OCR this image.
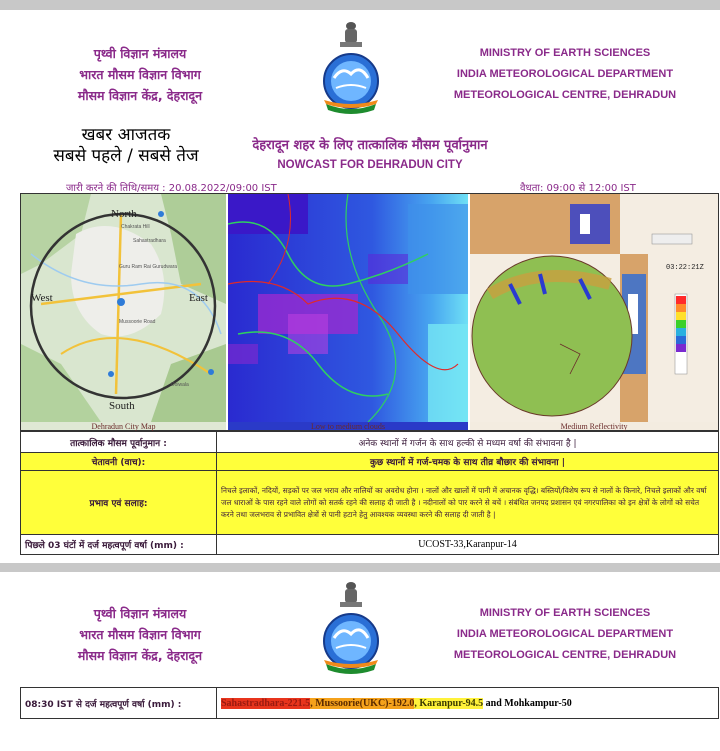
पृथ्वी विज्ञान मंत्रालय
भारत मौसम विज्ञान विभाग
मौसम विज्ञान केंद्र, देहरादून
MINISTRY OF EARTH SCIENCES
INDIA METEOROLOGICAL DEPARTMENT
METEOROLOGICAL CENTRE, DEHRADUN
खबर आजतक
सबसे पहले / सबसे तेज
देहरादून शहर के लिए तात्कालिक मौसम पूर्वानुमान
NOWCAST FOR DEHRADUN CITY
जारी करने की तिथि/समय : 20.08.2022/09:00 IST	वैधता: 09:00 से 12:00 IST
North
South
West	East
Chakrata Hill
Sahastradhara
Guru Ram Rai Gurudwara
Mussoorie Road
Doiwala
03:22:21Z
Dehradun City Map	Low to medium clouds	Medium Reflectivity
तात्कालिक मौसम पूर्वानुमान :	अनेक स्थानों में गर्जन के साथ हल्की से मध्यम वर्षा की संभावना है |
चेतावनी (वाच):	कुछ स्थानों में गर्ज-चमक के साथ तीव्र बौछार की संभावना |
प्रभाव एवं सलाह:	निचले इलाकों, नदियों, सड़कों पर जल भराव और नालियों का अवरोध होना । नालों और खालों में पानी में अचानक वृद्धि। बस्तियों/विशेष रूप से नालों के किनारे, निचले इलाकों और वर्षा जल धाराओं के पास रहने वाले लोगों को सतर्क रहने की सलाह दी जाती है । नदीनालों को पार करने से बचें । संबंधित जनपद प्रशासन एवं नगरपालिका को इन क्षेत्रों के लोगों को सचेत करने तथा जलभराव से प्रभावित क्षेत्रों से पानी हटाने हेतु आवश्यक व्यवस्था करने की सलाह दी जाती है |
पिछले 03 घंटों में दर्ज महत्वपूर्ण वर्षा (mm) :	UCOST-33,Karanpur-14
पृथ्वी विज्ञान मंत्रालय
भारत मौसम विज्ञान विभाग
मौसम विज्ञान केंद्र, देहरादून
MINISTRY OF EARTH SCIENCES
INDIA METEOROLOGICAL DEPARTMENT
METEOROLOGICAL CENTRE, DEHRADUN
08:30 IST से दर्ज महत्वपूर्ण वर्षा (mm) :	Sahastradhara-221.5, Mussoorie(UKC)-192.0, Karanpur-94.5 and Mohkampur-50
